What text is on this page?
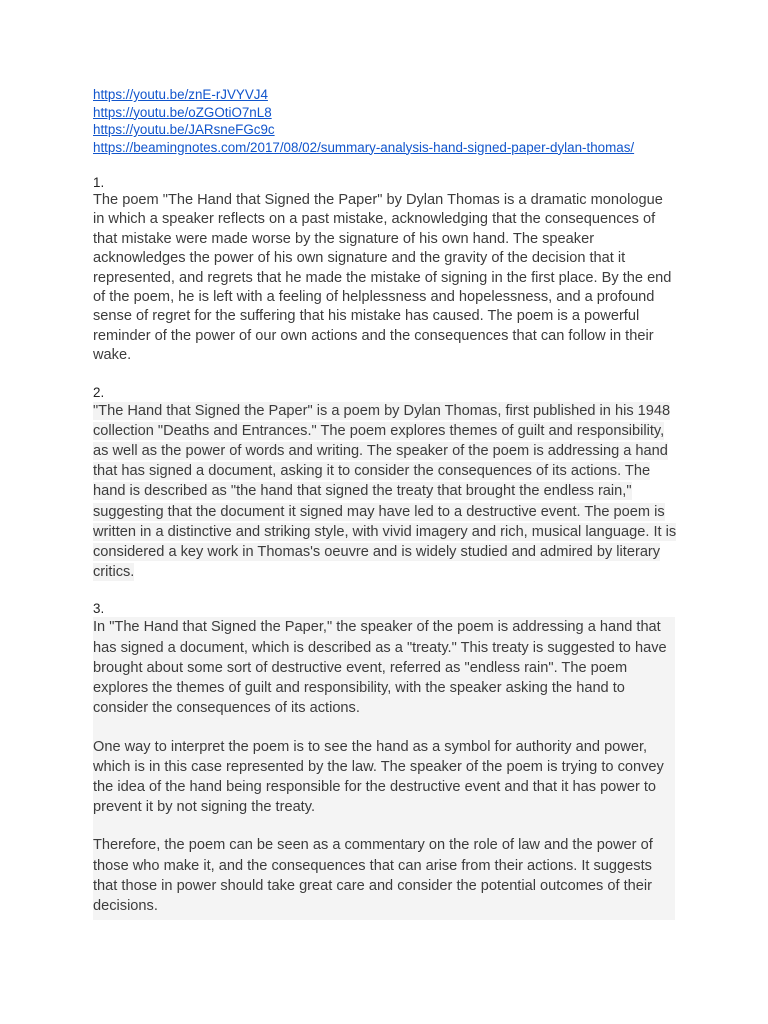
https://youtu.be/znE-rJVYVJ4
https://youtu.be/oZGOtiO7nL8
https://youtu.be/JARsneFGc9c
https://beamingnotes.com/2017/08/02/summary-analysis-hand-signed-paper-dylan-thomas/

1.

The poem "The Hand that Signed the Paper" by Dylan Thomas is a dramatic monologue in which a speaker reflects on a past mistake, acknowledging that the consequences of that mistake were made worse by the signature of his own hand. The speaker acknowledges the power of his own signature and the gravity of the decision that it represented, and regrets that he made the mistake of signing in the first place. By the end of the poem, he is left with a feeling of helplessness and hopelessness, and a profound sense of regret for the suffering that his mistake has caused. The poem is a powerful reminder of the power of our own actions and the consequences that can follow in their wake.

2.

"The Hand that Signed the Paper" is a poem by Dylan Thomas, first published in his 1948 collection "Deaths and Entrances." The poem explores themes of guilt and responsibility, as well as the power of words and writing. The speaker of the poem is addressing a hand that has signed a document, asking it to consider the consequences of its actions. The hand is described as "the hand that signed the treaty that brought the endless rain," suggesting that the document it signed may have led to a destructive event. The poem is written in a distinctive and striking style, with vivid imagery and rich, musical language. It is considered a key work in Thomas's oeuvre and is widely studied and admired by literary critics.

3.

In "The Hand that Signed the Paper," the speaker of the poem is addressing a hand that has signed a document, which is described as a "treaty." This treaty is suggested to have brought about some sort of destructive event, referred as "endless rain". The poem explores the themes of guilt and responsibility, with the speaker asking the hand to consider the consequences of its actions.

One way to interpret the poem is to see the hand as a symbol for authority and power, which is in this case represented by the law. The speaker of the poem is trying to convey the idea of the hand being responsible for the destructive event and that it has power to prevent it by not signing the treaty.

Therefore, the poem can be seen as a commentary on the role of law and the power of those who make it, and the consequences that can arise from their actions. It suggests that those in power should take great care and consider the potential outcomes of their decisions.
